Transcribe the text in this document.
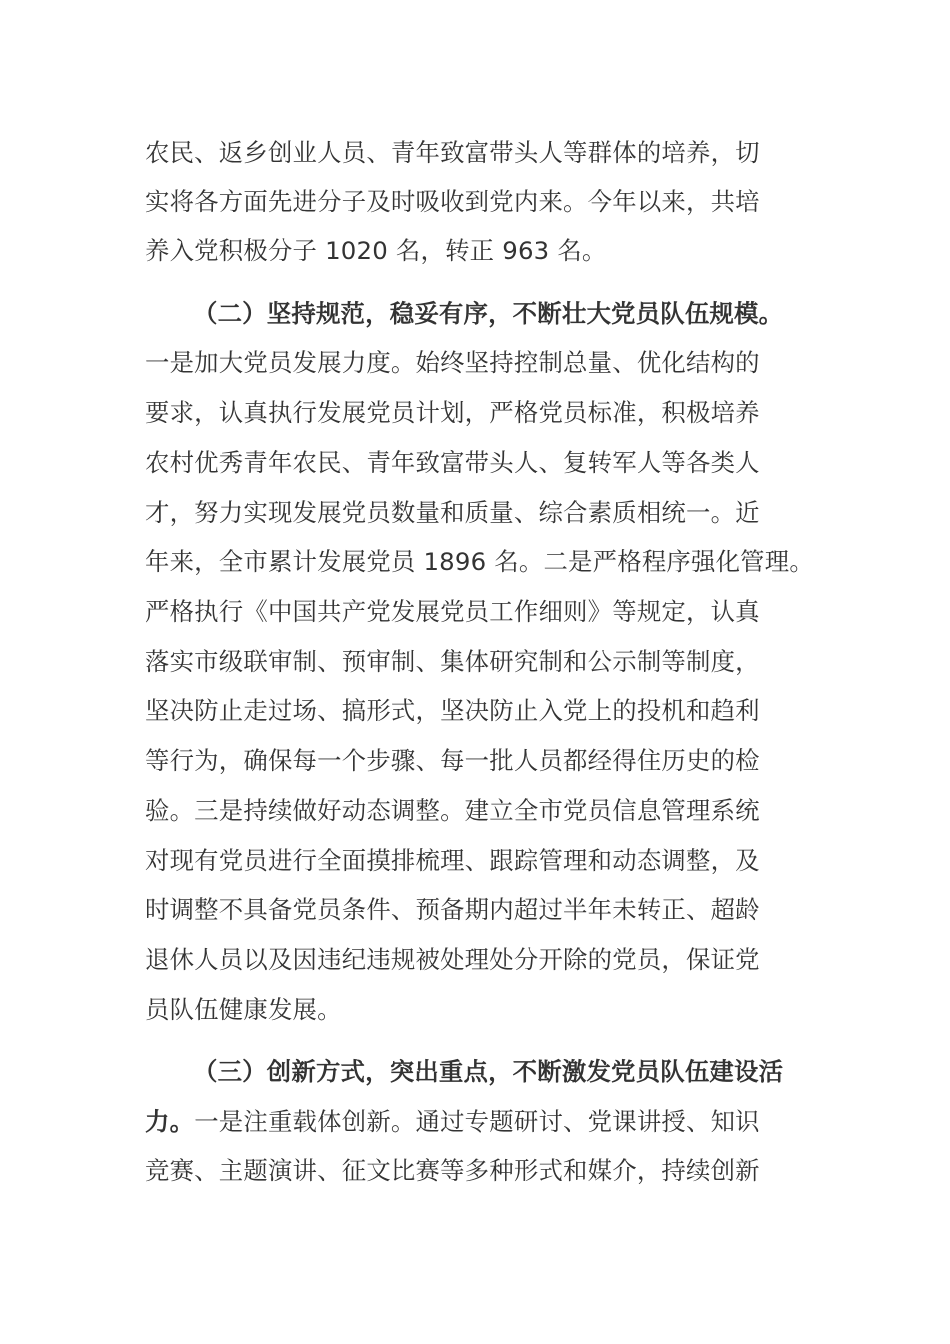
农民、返乡创业人员、青年致富带头人等群体的培养，切
实将各方面先进分子及时吸收到党内来。今年以来，共培
养入党积极分子 1020 名，转正 963 名。
（二）坚持规范，稳妥有序，不断壮大党员队伍规模。
一是加大党员发展力度。始终坚持控制总量、优化结构的
要求，认真执行发展党员计划，严格党员标准，积极培养
农村优秀青年农民、青年致富带头人、复转军人等各类人
才，努力实现发展党员数量和质量、综合素质相统一。近
年来，全市累计发展党员 1896 名。二是严格程序强化管理。
严格执行《中国共产党发展党员工作细则》等规定，认真
落实市级联审制、预审制、集体研究制和公示制等制度，
坚决防止走过场、搞形式，坚决防止入党上的投机和趋利
等行为，确保每一个步骤、每一批人员都经得住历史的检
验。三是持续做好动态调整。建立全市党员信息管理系统
对现有党员进行全面摸排梳理、跟踪管理和动态调整，及
时调整不具备党员条件、预备期内超过半年未转正、超龄
退休人员以及因违纪违规被处理处分开除的党员，保证党
员队伍健康发展。
（三）创新方式，突出重点，不断激发党员队伍建设活
力。一是注重载体创新。通过专题研讨、党课讲授、知识
竞赛、主题演讲、征文比赛等多种形式和媒介，持续创新
